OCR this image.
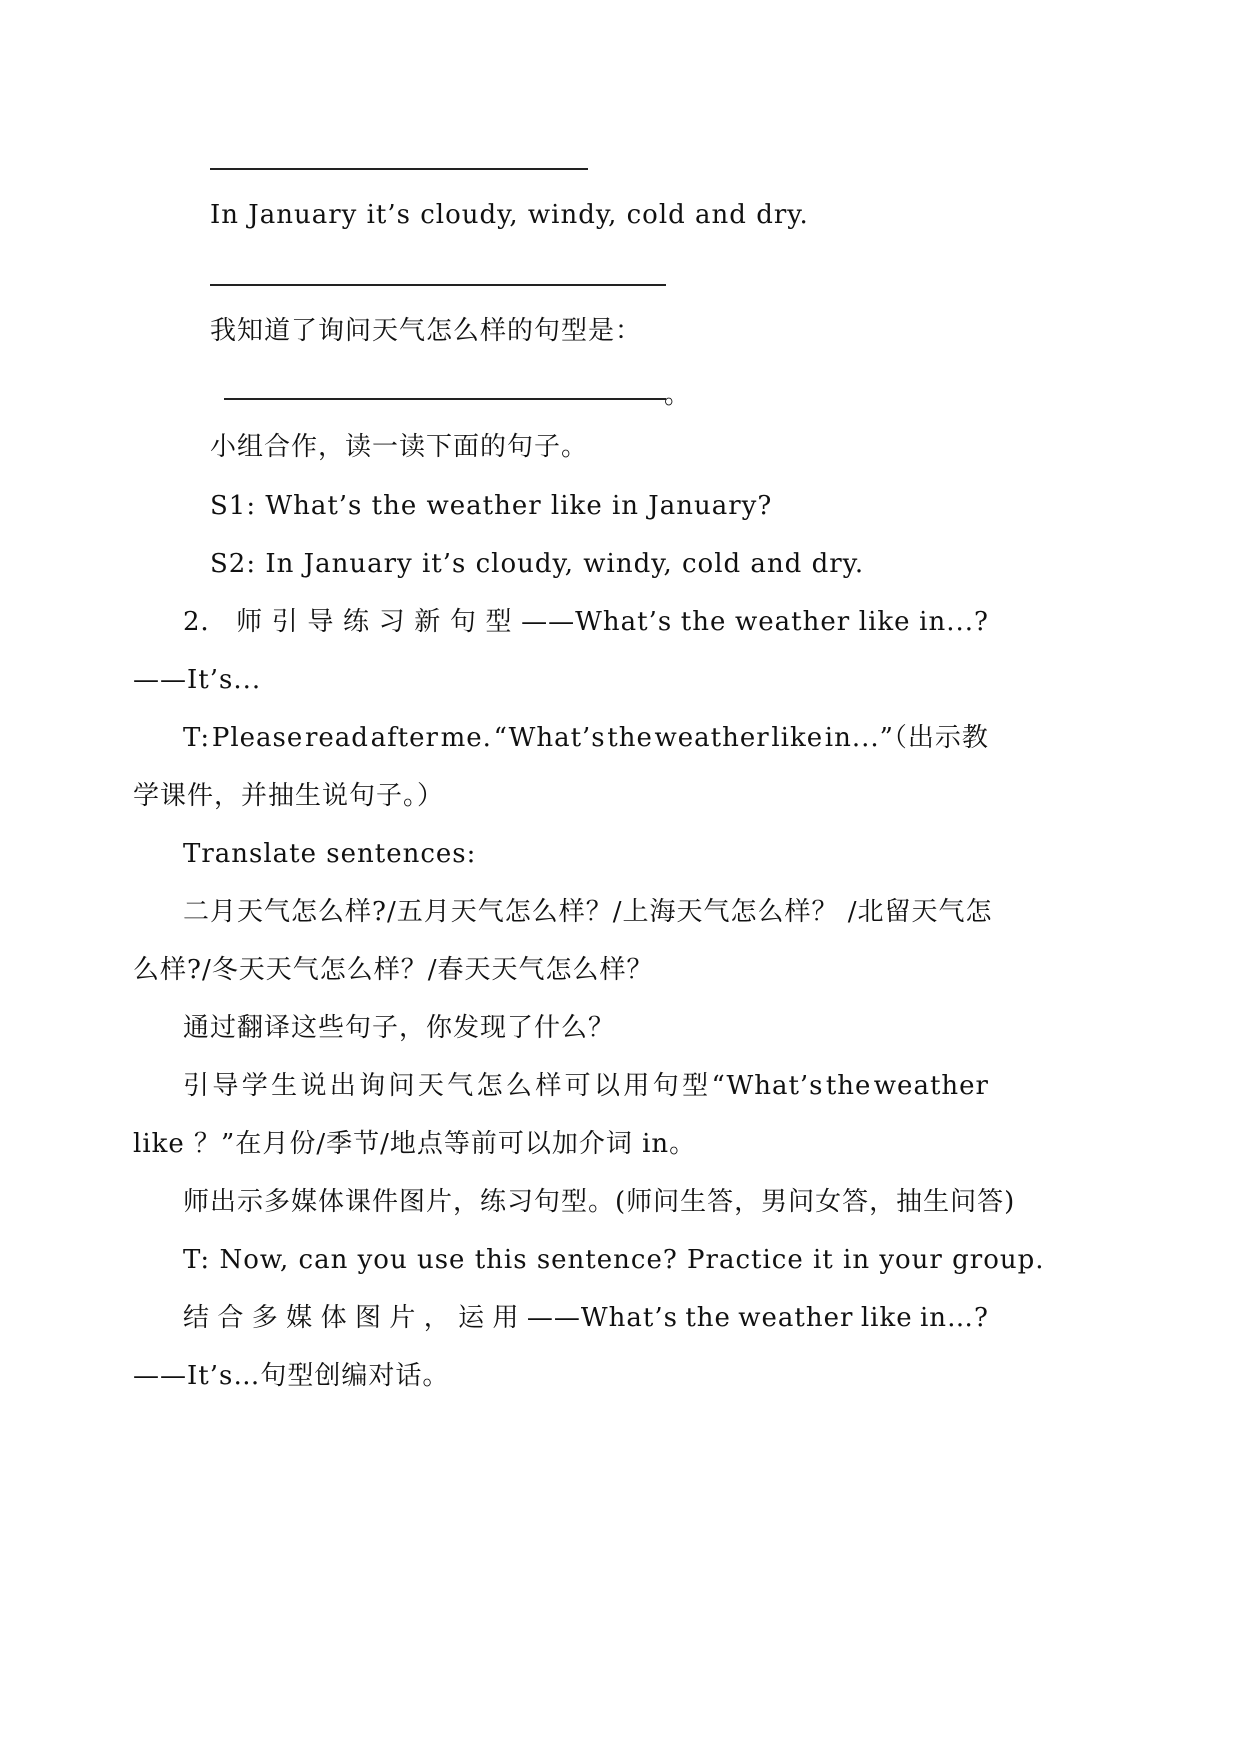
In January it’s cloudy, windy, cold and dry.
我知道了询问天气怎么样的句型是：
。
小组合作，读一读下面的句子。
S1: What’s the weather like in January?
S2: In January it’s cloudy, windy, cold and dry.
2． 师 引 导 练 习 新 句 型 ——What’s the weather like in...?
——It’s...
T: Please read after me. “What’s the weather like in...”（出示教
学课件，并抽生说句子。）
Translate sentences:
二月天气怎么样?/五月天气怎么样？/上海天气怎么样？ /北留天气怎
么样?/冬天天气怎么样？/春天天气怎么样？
通过翻译这些句子，你发现了什么？
引 导 学 生 说 出 询 问 天 气 怎 么 样 可 以 用 句 型 “What’s the weather
like ？”在月份/季节/地点等前可以加介词 in。
师出示多媒体课件图片，练习句型。(师问生答，男问女答，抽生问答)
T: Now, can you use this sentence? Practice it in your group.
结 合 多 媒 体 图 片 ， 运 用 ——What’s the weather like in…?
——It’s…句型创编对话。
